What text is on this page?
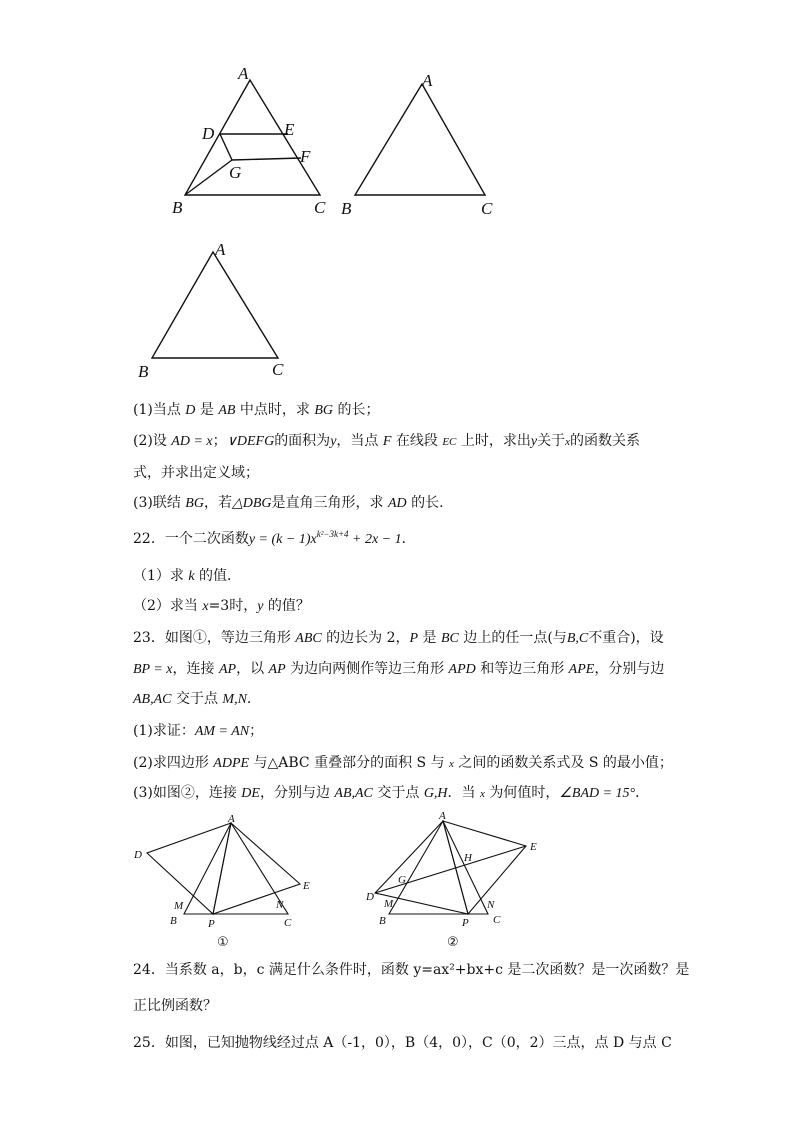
A
D	E
F
G
B	C
A
B	C
A
B	C
(1)当点 D 是 AB 中点时，求 BG 的长；
(2)设 AD = x；∨DEFG的面积为y，当点 F 在线段 EC 上时，求出y关于x的函数关系
式，并求出定义域；
(3)联结 BG，若△DBG是直角三角形，求 AD 的长.
22．一个二次函数$y = (k - 1)x^{k^2-3k+4} + 2x - 1$．
（1）求 k 的值．
（2）求当 x=3时，y 的值？
23．如图①，等边三角形 ABC 的边长为 2，P 是 BC 边上的任一点(与B,C不重合)，设
BP = x，连接 AP，以 AP 为边向两侧作等边三角形 APD 和等边三角形 APE，分别与边
AB,AC 交于点 M,N．
(1)求证：AM = AN；
(2)求四边形 ADPE 与△ABC 重叠部分的面积 S 与 x 之间的函数关系式及 S 的最小值；
(3)如图②，连接 DE，分别与边 AB,AC 交于点 G,H．当 x 为何值时，∠BAD = 15°．
A
D
M
B	P
N
E
C
①
A
H
E
G
D
M	N
B	P C
②
24．当系数 a，b，c 满足什么条件时，函数 y=ax²+bx+c 是二次函数？是一次函数？是
正比例函数？
25．如图，已知抛物线经过点 A（-1，0），B（4，0），C（0，2）三点，点 D 与点 C
